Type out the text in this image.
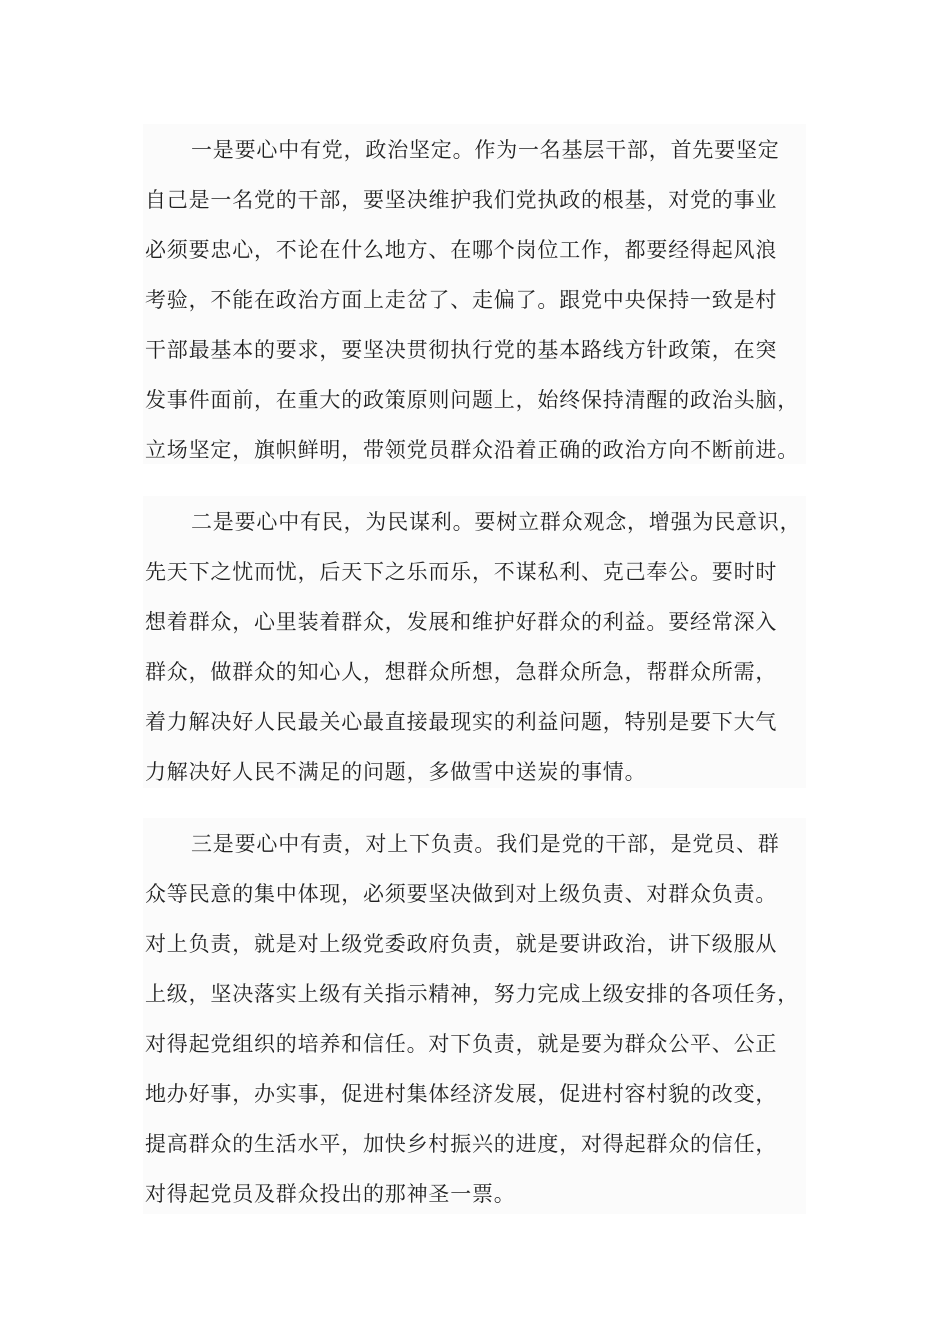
一是要心中有党，政治坚定。作为一名基层干部，首先要坚定
自己是一名党的干部，要坚决维护我们党执政的根基，对党的事业
必须要忠心，不论在什么地方、在哪个岗位工作，都要经得起风浪
考验，不能在政治方面上走岔了、走偏了。跟党中央保持一致是村
干部最基本的要求，要坚决贯彻执行党的基本路线方针政策，在突
发事件面前，在重大的政策原则问题上，始终保持清醒的政治头脑，
立场坚定，旗帜鲜明，带领党员群众沿着正确的政治方向不断前进。
二是要心中有民，为民谋利。要树立群众观念，增强为民意识，
先天下之忧而忧，后天下之乐而乐，不谋私利、克己奉公。要时时
想着群众，心里装着群众，发展和维护好群众的利益。要经常深入
群众，做群众的知心人，想群众所想，急群众所急，帮群众所需，
着力解决好人民最关心最直接最现实的利益问题，特别是要下大气
力解决好人民不满足的问题，多做雪中送炭的事情。
三是要心中有责，对上下负责。我们是党的干部，是党员、群
众等民意的集中体现，必须要坚决做到对上级负责、对群众负责。
对上负责，就是对上级党委政府负责，就是要讲政治，讲下级服从
上级，坚决落实上级有关指示精神，努力完成上级安排的各项任务，
对得起党组织的培养和信任。对下负责，就是要为群众公平、公正
地办好事，办实事，促进村集体经济发展，促进村容村貌的改变，
提高群众的生活水平，加快乡村振兴的进度，对得起群众的信任，
对得起党员及群众投出的那神圣一票。
